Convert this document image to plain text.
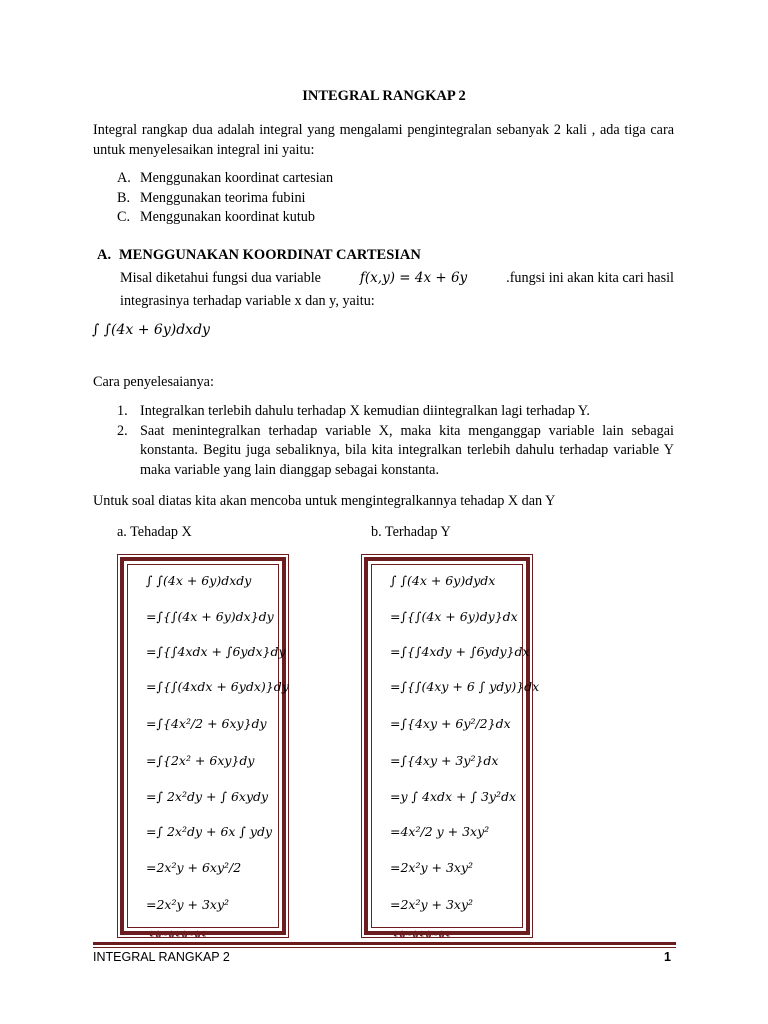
INTEGRAL RANGKAP 2
Integral rangkap dua adalah integral yang mengalami pengintegralan sebanyak 2 kali , ada tiga cara untuk menyelesaikan integral ini yaitu:
A. Menggunakan koordinat cartesian
B. Menggunakan teorima fubini
C. Menggunakan koordinat kutub
A. MENGGUNAKAN KOORDINAT CARTESIAN
Misal diketahui fungsi dua variable	f(x,y) = 4x + 6y	.fungsi ini akan kita cari hasil
integrasinya terhadap variable x dan y, yaitu:
∫ ∫(4x + 6y)dxdy
Cara penyelesaianya:
1. Integralkan terlebih dahulu terhadap X kemudian diintegralkan lagi terhadap Y.
2. Saat menintegralkan terhadap variable X, maka kita menganggap variable lain sebagai konstanta. Begitu juga sebaliknya, bila kita integralkan terlebih dahulu terhadap variable Y maka variable yang lain dianggap sebagai konstanta.
Untuk soal diatas kita akan mencoba untuk mengintegralkannya tehadap X dan Y
a. Tehadap X	b. Terhadap Y
∫ ∫(4x + 6y)dxdy
=∫{∫(4x + 6y)dx}dy
=∫{∫4xdx + ∫6ydx}dy
=∫{∫(4xdx + 6ydx)}dy
=∫{4x²/2 + 6xy}dy
=∫{2x² + 6xy}dy
=∫ 2x²dy + ∫ 6xydy
=∫ 2x²dy + 6x ∫ ydy
=2x²y + 6xy²/2
=2x²y + 3xy²
∫ ∫(4x + 6y)dydx
=∫{∫(4x + 6y)dy}dx
=∫{∫4xdy + ∫6ydy}dx
=∫{∫(4xy + 6 ∫ ydy)}dx
=∫{4xy + 6y²/2}dx
=∫{4xy + 3y²}dx
=y ∫ 4xdx + ∫ 3y²dx
=4x²/2 y + 3xy²
=2x²y + 3xy²
=2x²y + 3xy²
❦✿❧✿❦✿❧✿❦	❦✿❧✿❦✿❧✿❦
INTEGRAL RANGKAP 2	1
